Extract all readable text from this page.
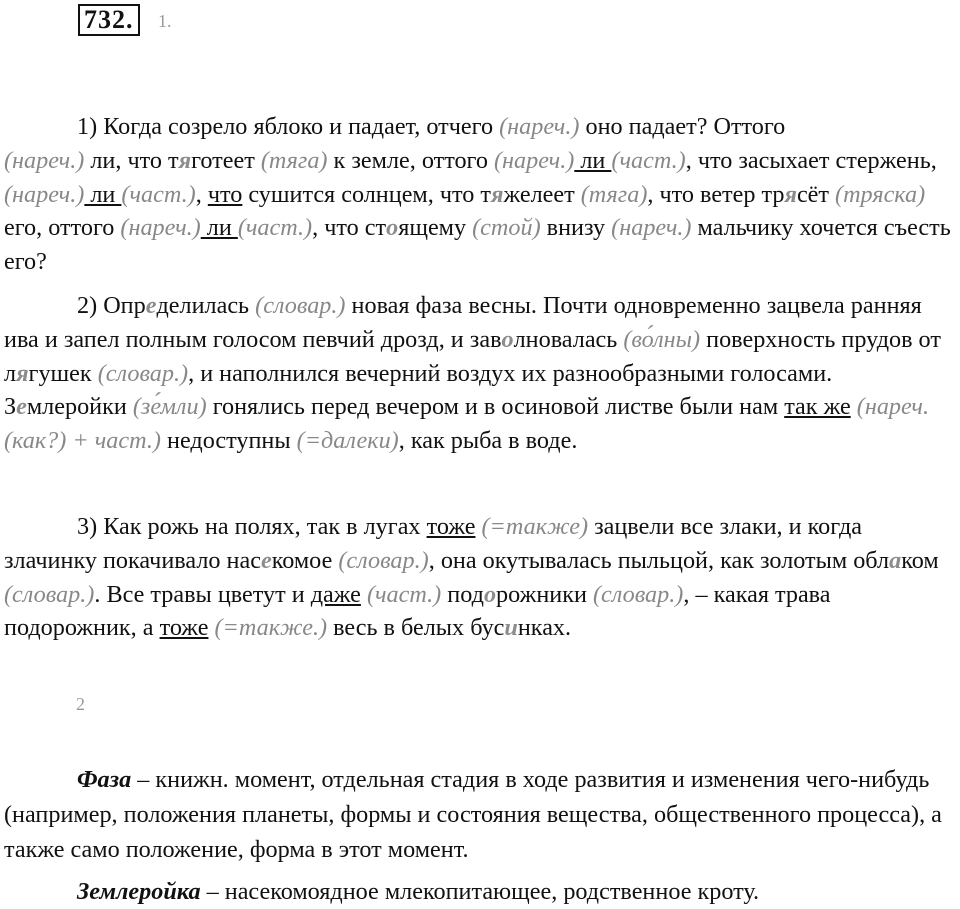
732.	1.

1) Когда созрело яблоко и падает, отчего (нареч.) оно падает? Оттого
(нареч.) ли, что тяготеет (тяга) к земле, оттого (нареч.) ли (част.), что засыхает стержень, (нареч.) ли (част.), что сушится солнцем, что тяжелеет (тяга), что ветер трясёт (тряска) его, оттого (нареч.) ли (част.), что стоящему (стой) внизу (нареч.) мальчику хочется съесть его?

2) Определилась (словар.) новая фаза весны. Почти одновременно зацвела ранняя ива и запел полным голосом певчий дрозд, и заволновалась (во́лны) поверхность прудов от лягушек (словар.), и наполнился вечерний воздух их разнообразными голосами. Землеройки (зе́мли) гонялись перед вечером и в осиновой листве были нам так же (нареч. (как?) + част.) недоступны (=далеки), как рыба в воде.

3) Как рожь на полях, так в лугах тоже (=также) зацвели все злаки, и когда злачинку покачивало насекомое (словар.), она окутывалась пыльцой, как золотым облаком (словар.). Все травы цветут и даже (част.) подорожники (словар.), – какая трава подорожник, а тоже (=также.) весь в белых бусинках.

2

Фаза – книжн. момент, отдельная стадия в ходе развития и изменения чего-нибудь (например, положения планеты, формы и состояния вещества, общественного процесса), а также само положение, форма в этот момент.

Землеройка – насекомоядное млекопитающее, родственное кроту.
